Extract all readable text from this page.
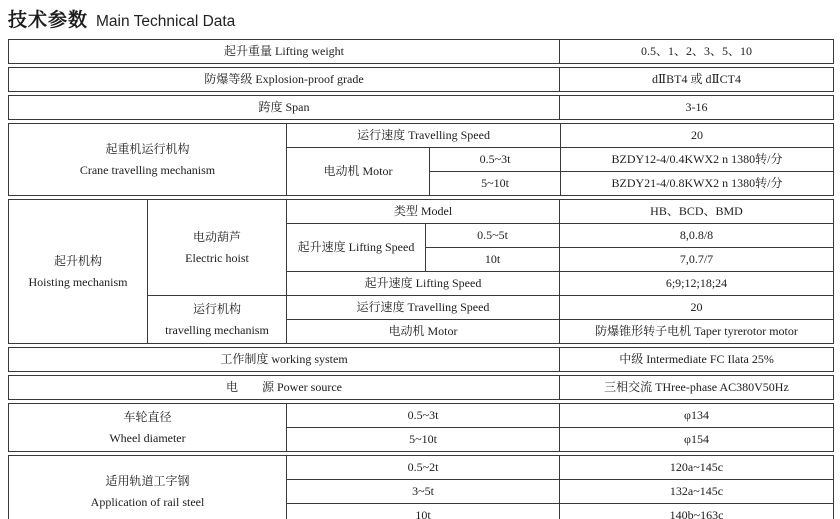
技术参数 Main Technical Data
起升重量 Lifting weight	0.5、1、2、3、5、10
防爆等级 Explosion-proof grade	dⅡBT4 或 dⅡCT4
跨度 Span	3-16
起重机运行机构
Crane travelling mechanism	运行速度 Travelling Speed		20
	电动机 Motor	0.5~3t	BZDY12-4/0.4KWX2 n 1380转/分
		5~10t	BZDY21-4/0.8KWX2 n 1380转/分
起升机构
Hoisting mechanism

电动葫芦
Electric hoist
	类型 Model	HB、BCD、BMD
		起升速度 Lifting Speed	0.5~5t	8,0.8/8
			10t	7,0.7/7
		起升速度 Lifting Speed		6;9;12;18;24

	运行机构
travelling mechanism	运行速度 Travelling Speed		20
		电动机 Motor		防爆锥形转子电机 Taper tyrerotor motor
工作制度 working system	中级 Intermediate FC Ilata 25%
电　　源 Power source	三相交流 THree-phase AC380V50Hz
车轮直径
Wheel diameter	0.5~3t	φ134
	5~10t	φ154
适用轨道工字钢
Application of rail steel	0.5~2t	120a~145c
	3~5t	132a~145c
	10t	140b~163c
